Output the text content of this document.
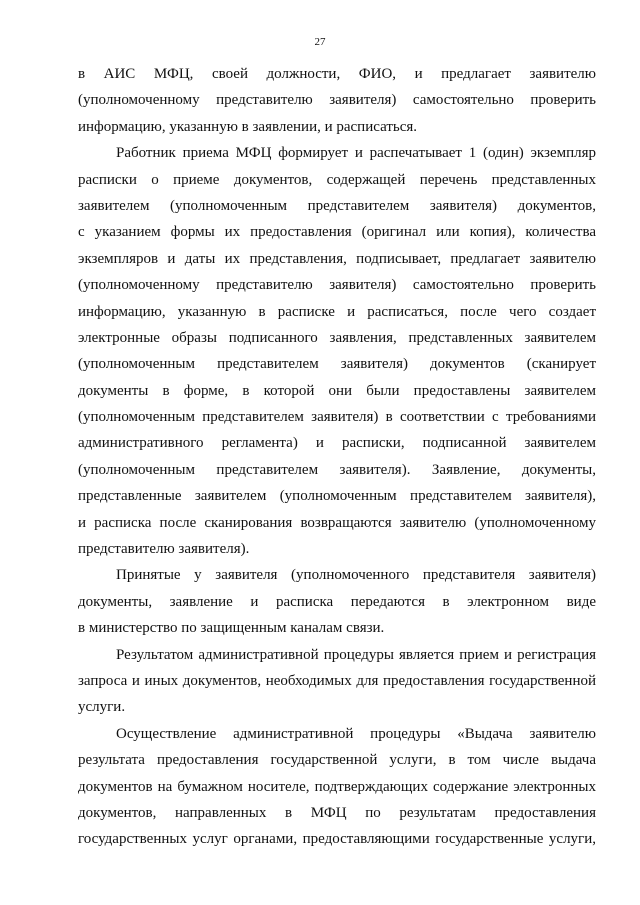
27
в АИС МФЦ, своей должности, ФИО, и предлагает заявителю
(уполномоченному представителю заявителя) самостоятельно проверить
информацию, указанную в заявлении, и расписаться.
Работник приема МФЦ формирует и распечатывает 1 (один) экземпляр
расписки о приеме документов, содержащей перечень представленных
заявителем (уполномоченным представителем заявителя) документов,
с указанием формы их предоставления (оригинал или копия), количества
экземпляров и даты их представления, подписывает, предлагает заявителю
(уполномоченному представителю заявителя) самостоятельно проверить
информацию, указанную в расписке и расписаться, после чего создает
электронные образы подписанного заявления, представленных заявителем
(уполномоченным представителем заявителя) документов (сканирует
документы в форме, в которой они были предоставлены заявителем
(уполномоченным представителем заявителя) в соответствии с требованиями
административного регламента) и расписки, подписанной заявителем
(уполномоченным представителем заявителя). Заявление, документы,
представленные заявителем (уполномоченным представителем заявителя),
и расписка после сканирования возвращаются заявителю (уполномоченному
представителю заявителя).
Принятые у заявителя (уполномоченного представителя заявителя)
документы, заявление и расписка передаются в электронном виде
в министерство по защищенным каналам связи.
Результатом административной процедуры является прием и регистрация
запроса и иных документов, необходимых для предоставления государственной
услуги.
Осуществление административной процедуры «Выдача заявителю
результата предоставления государственной услуги, в том числе выдача
документов на бумажном носителе, подтверждающих содержание электронных
документов, направленных в МФЦ по результатам предоставления
государственных услуг органами, предоставляющими государственные услуги,
